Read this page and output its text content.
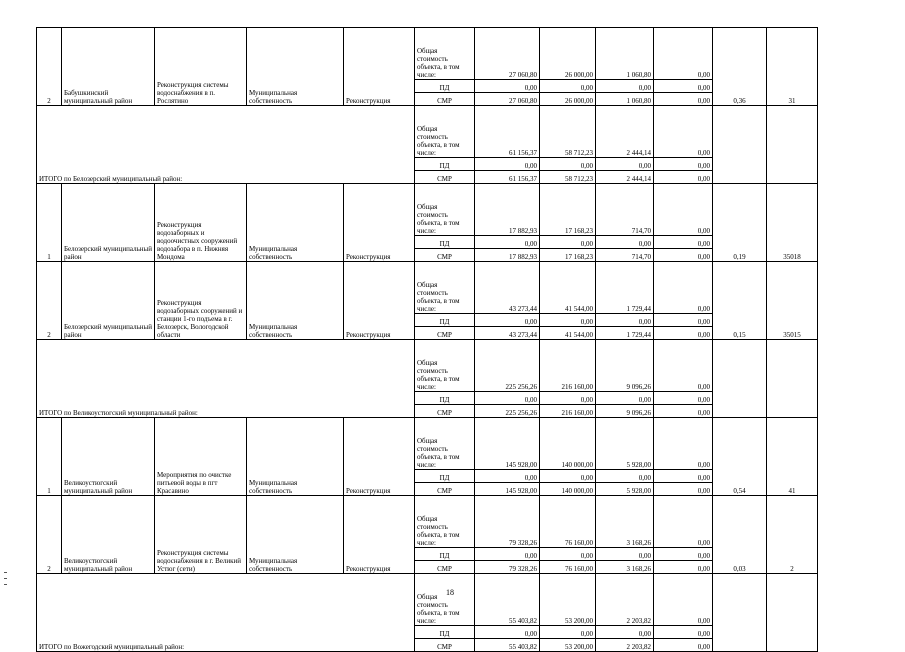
2	Бабушкинский муниципальный район	Реконструкция системы водоснабжения в п. Рослятино	Муниципальная собственность	Реконструкция	Общая
стоимость
объекта, в том
числе:	27 060,80	26 000,00	1 060,80	0,00	0,36	31
					ПД	0,00	0,00	0,00	0,00		
					СМР	27 060,80	26 000,00	1 060,80	0,00		
ИТОГО по Белозерский муниципальный район:					Общая
стоимость
объекта, в том
числе:	61 156,37	58 712,23	2 444,14	0,00		
					ПД	0,00	0,00	0,00	0,00		
					СМР	61 156,37	58 712,23	2 444,14	0,00		
1	Белозерский муниципальный район	Реконструкция водозаборных и водоочистных сооружений водозабора в п. Нижняя Мондома	Муниципальная собственность	Реконструкция	Общая
стоимость
объекта, в том
числе:	17 882,93	17 168,23	714,70	0,00	0,19	35018
					ПД	0,00	0,00	0,00	0,00		
					СМР	17 882,93	17 168,23	714,70	0,00		
2	Белозерский муниципальный район	Реконструкция водозаборных сооружений и станции 1-го подъема в г. Белозерск, Вологодской области	Муниципальная собственность	Реконструкция	Общая
стоимость
объекта, в том
числе:	43 273,44	41 544,00	1 729,44	0,00	0,15	35015
					ПД	0,00	0,00	0,00	0,00		
					СМР	43 273,44	41 544,00	1 729,44	0,00		
ИТОГО по Великоустюгский муниципальный район:					Общая
стоимость
объекта, в том
числе:	225 256,26	216 160,00	9 096,26	0,00		
					ПД	0,00	0,00	0,00	0,00		
					СМР	225 256,26	216 160,00	9 096,26	0,00		
1	Великоустюгский муниципальный район	Мероприятия по очистке питьевой воды в пгт Красавино	Муниципальная собственность	Реконструкция	Общая
стоимость
объекта, в том
числе:	145 928,00	140 000,00	5 928,00	0,00	0,54	41
					ПД	0,00	0,00	0,00	0,00		
					СМР	145 928,00	140 000,00	5 928,00	0,00		
2	Великоустюгский муниципальный район	Реконструкция системы водоснабжения в г. Великий Устюг (сети)	Муниципальная собственность	Реконструкция	Общая
стоимость
объекта, в том
числе:	79 328,26	76 160,00	3 168,26	0,00	0,03	2
					ПД	0,00	0,00	0,00	0,00		
					СМР	79 328,26	76 160,00	3 168,26	0,00		
ИТОГО по Вожегодский муниципальный район:					Общая
стоимость
объекта, в том
числе:	55 403,82	53 200,00	2 203,82	0,00		
					ПД	0,00	0,00	0,00	0,00		
					СМР	55 403,82	53 200,00	2 203,82	0,00		
18
